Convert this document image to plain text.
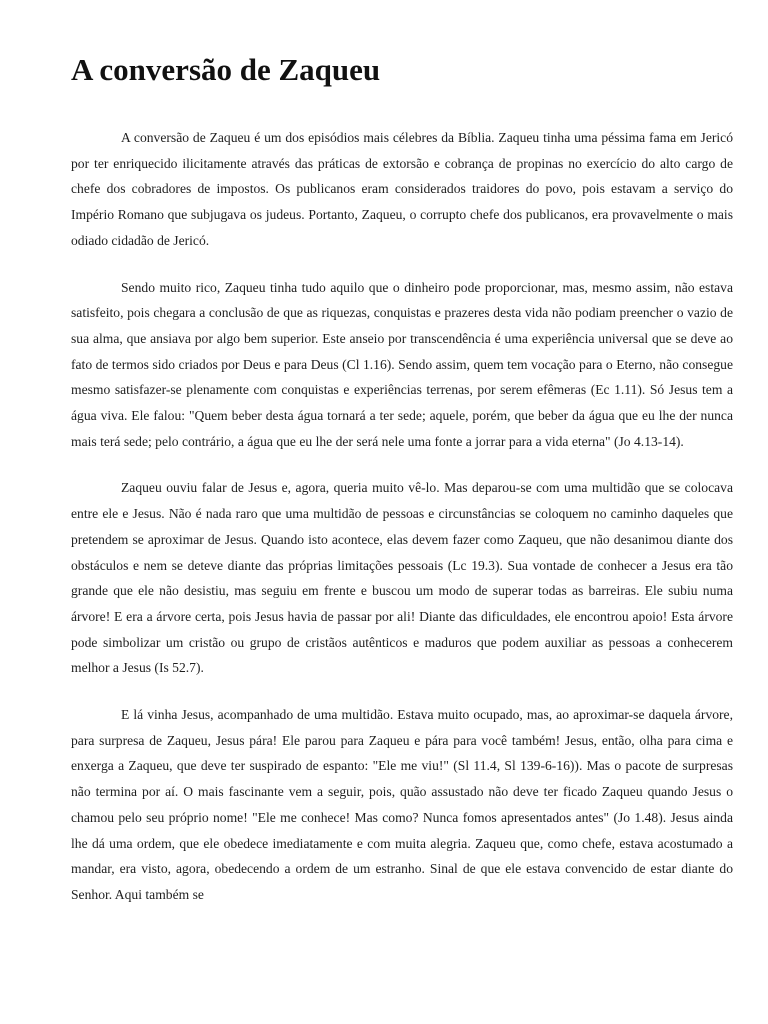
A conversão de Zaqueu

A conversão de Zaqueu é um dos episódios mais célebres da Bíblia. Zaqueu tinha uma péssima fama em Jericó por ter enriquecido ilicitamente através das práticas de extorsão e cobrança de propinas no exercício do alto cargo de chefe dos cobradores de impostos. Os publicanos eram considerados traidores do povo, pois estavam a serviço do Império Romano que subjugava os judeus. Portanto, Zaqueu, o corrupto chefe dos publicanos, era provavelmente o mais odiado cidadão de Jericó.

Sendo muito rico, Zaqueu tinha tudo aquilo que o dinheiro pode proporcionar, mas, mesmo assim, não estava satisfeito, pois chegara a conclusão de que as riquezas, conquistas e prazeres desta vida não podiam preencher o vazio de sua alma, que ansiava por algo bem superior. Este anseio por transcendência é uma experiência universal que se deve ao fato de termos sido criados por Deus e para Deus (Cl 1.16). Sendo assim, quem tem vocação para o Eterno, não consegue mesmo satisfazer-se plenamente com conquistas e experiências terrenas, por serem efêmeras (Ec 1.11). Só Jesus tem a água viva. Ele falou: "Quem beber desta água tornará a ter sede; aquele, porém, que beber da água que eu lhe der nunca mais terá sede; pelo contrário, a água que eu lhe der será nele uma fonte a jorrar para a vida eterna" (Jo 4.13-14).

Zaqueu ouviu falar de Jesus e, agora, queria muito vê-lo. Mas deparou-se com uma multidão que se colocava entre ele e Jesus. Não é nada raro que uma multidão de pessoas e circunstâncias se coloquem no caminho daqueles que pretendem se aproximar de Jesus. Quando isto acontece, elas devem fazer como Zaqueu, que não desanimou diante dos obstáculos e nem se deteve diante das próprias limitações pessoais (Lc 19.3). Sua vontade de conhecer a Jesus era tão grande que ele não desistiu, mas seguiu em frente e buscou um modo de superar todas as barreiras. Ele subiu numa árvore! E era a árvore certa, pois Jesus havia de passar por ali! Diante das dificuldades, ele encontrou apoio! Esta árvore pode simbolizar um cristão ou grupo de cristãos autênticos e maduros que podem auxiliar as pessoas a conhecerem melhor a Jesus (Is 52.7).

E lá vinha Jesus, acompanhado de uma multidão. Estava muito ocupado, mas, ao aproximar-se daquela árvore, para surpresa de Zaqueu, Jesus pára! Ele parou para Zaqueu e pára para você também! Jesus, então, olha para cima e enxerga a Zaqueu, que deve ter suspirado de espanto: "Ele me viu!" (Sl 11.4, Sl 139-6-16)). Mas o pacote de surpresas não termina por aí. O mais fascinante vem a seguir, pois, quão assustado não deve ter ficado Zaqueu quando Jesus o chamou pelo seu próprio nome! "Ele me conhece! Mas como? Nunca fomos apresentados antes" (Jo 1.48). Jesus ainda lhe dá uma ordem, que ele obedece imediatamente e com muita alegria. Zaqueu que, como chefe, estava acostumado a mandar, era visto, agora, obedecendo a ordem de um estranho. Sinal de que ele estava convencido de estar diante do Senhor. Aqui também se
